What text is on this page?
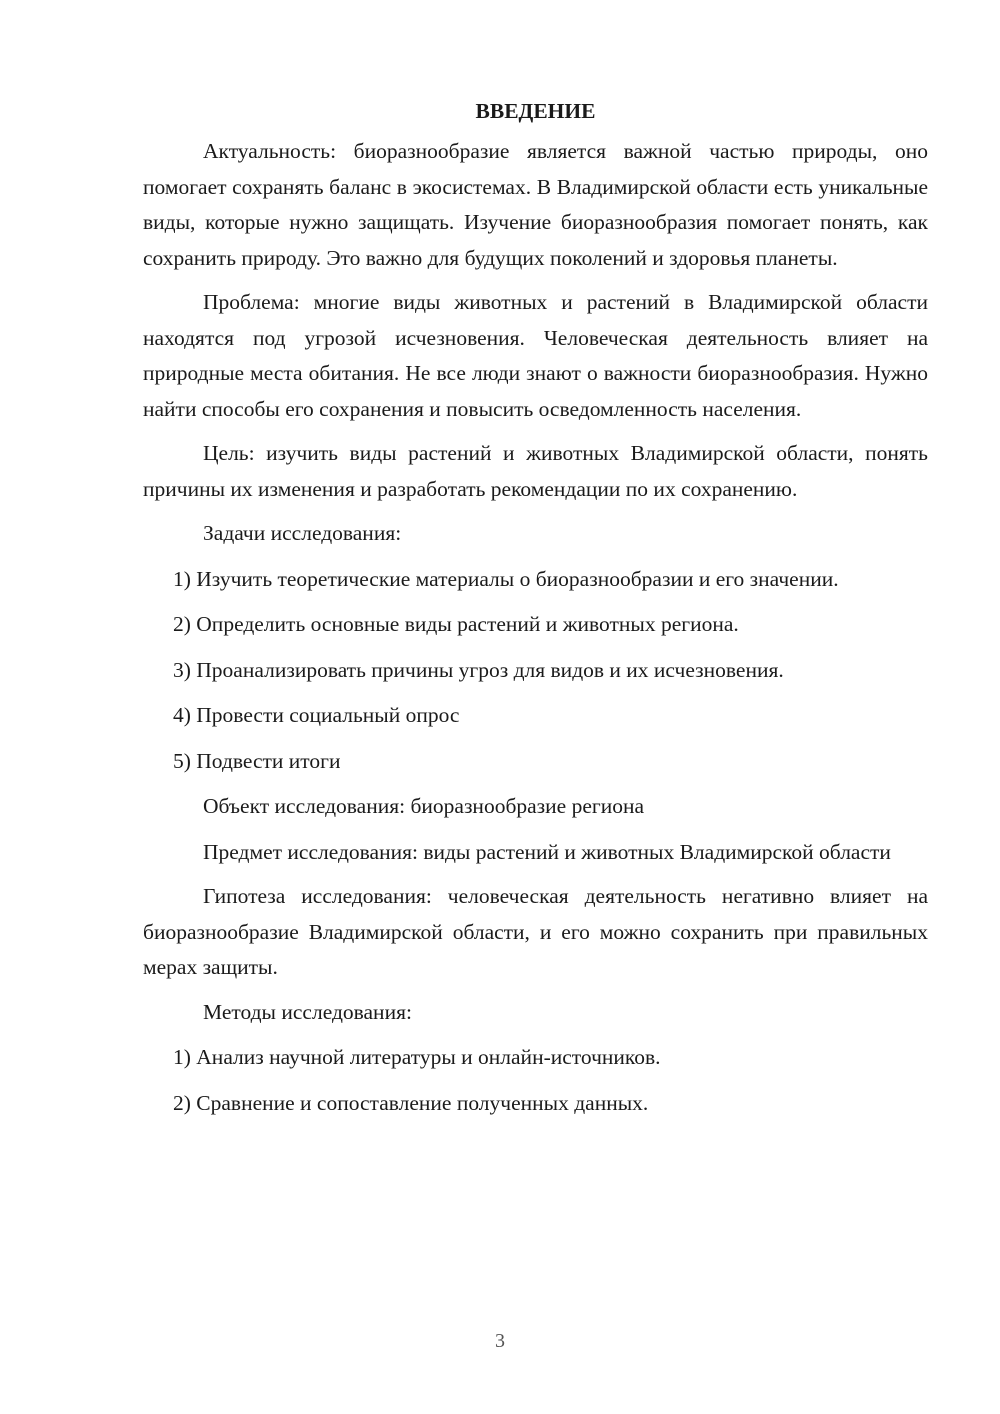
ВВЕДЕНИЕ

Актуальность: биоразнообразие является важной частью природы, оно помогает сохранять баланс в экосистемах. В Владимирской области есть уникальные виды, которые нужно защищать. Изучение биоразнообразия помогает понять, как сохранить природу. Это важно для будущих поколений и здоровья планеты.

Проблема: многие виды животных и растений в Владимирской области находятся под угрозой исчезновения. Человеческая деятельность влияет на природные места обитания. Не все люди знают о важности биоразнообразия. Нужно найти способы его сохранения и повысить осведомленность населения.

Цель: изучить виды растений и животных Владимирской области, понять причины их изменения и разработать рекомендации по их сохранению.

Задачи исследования:

1) Изучить теоретические материалы о биоразнообразии и его значении.

2) Определить основные виды растений и животных региона.

3) Проанализировать причины угроз для видов и их исчезновения.

4) Провести социальный опрос

5) Подвести итоги

Объект исследования: биоразнообразие региона

Предмет исследования: виды растений и животных Владимирской области

Гипотеза исследования: человеческая деятельность негативно влияет на биоразнообразие Владимирской области, и его можно сохранить при правильных мерах защиты.

Методы исследования:

1) Анализ научной литературы и онлайн-источников.

2) Сравнение и сопоставление полученных данных.

3
